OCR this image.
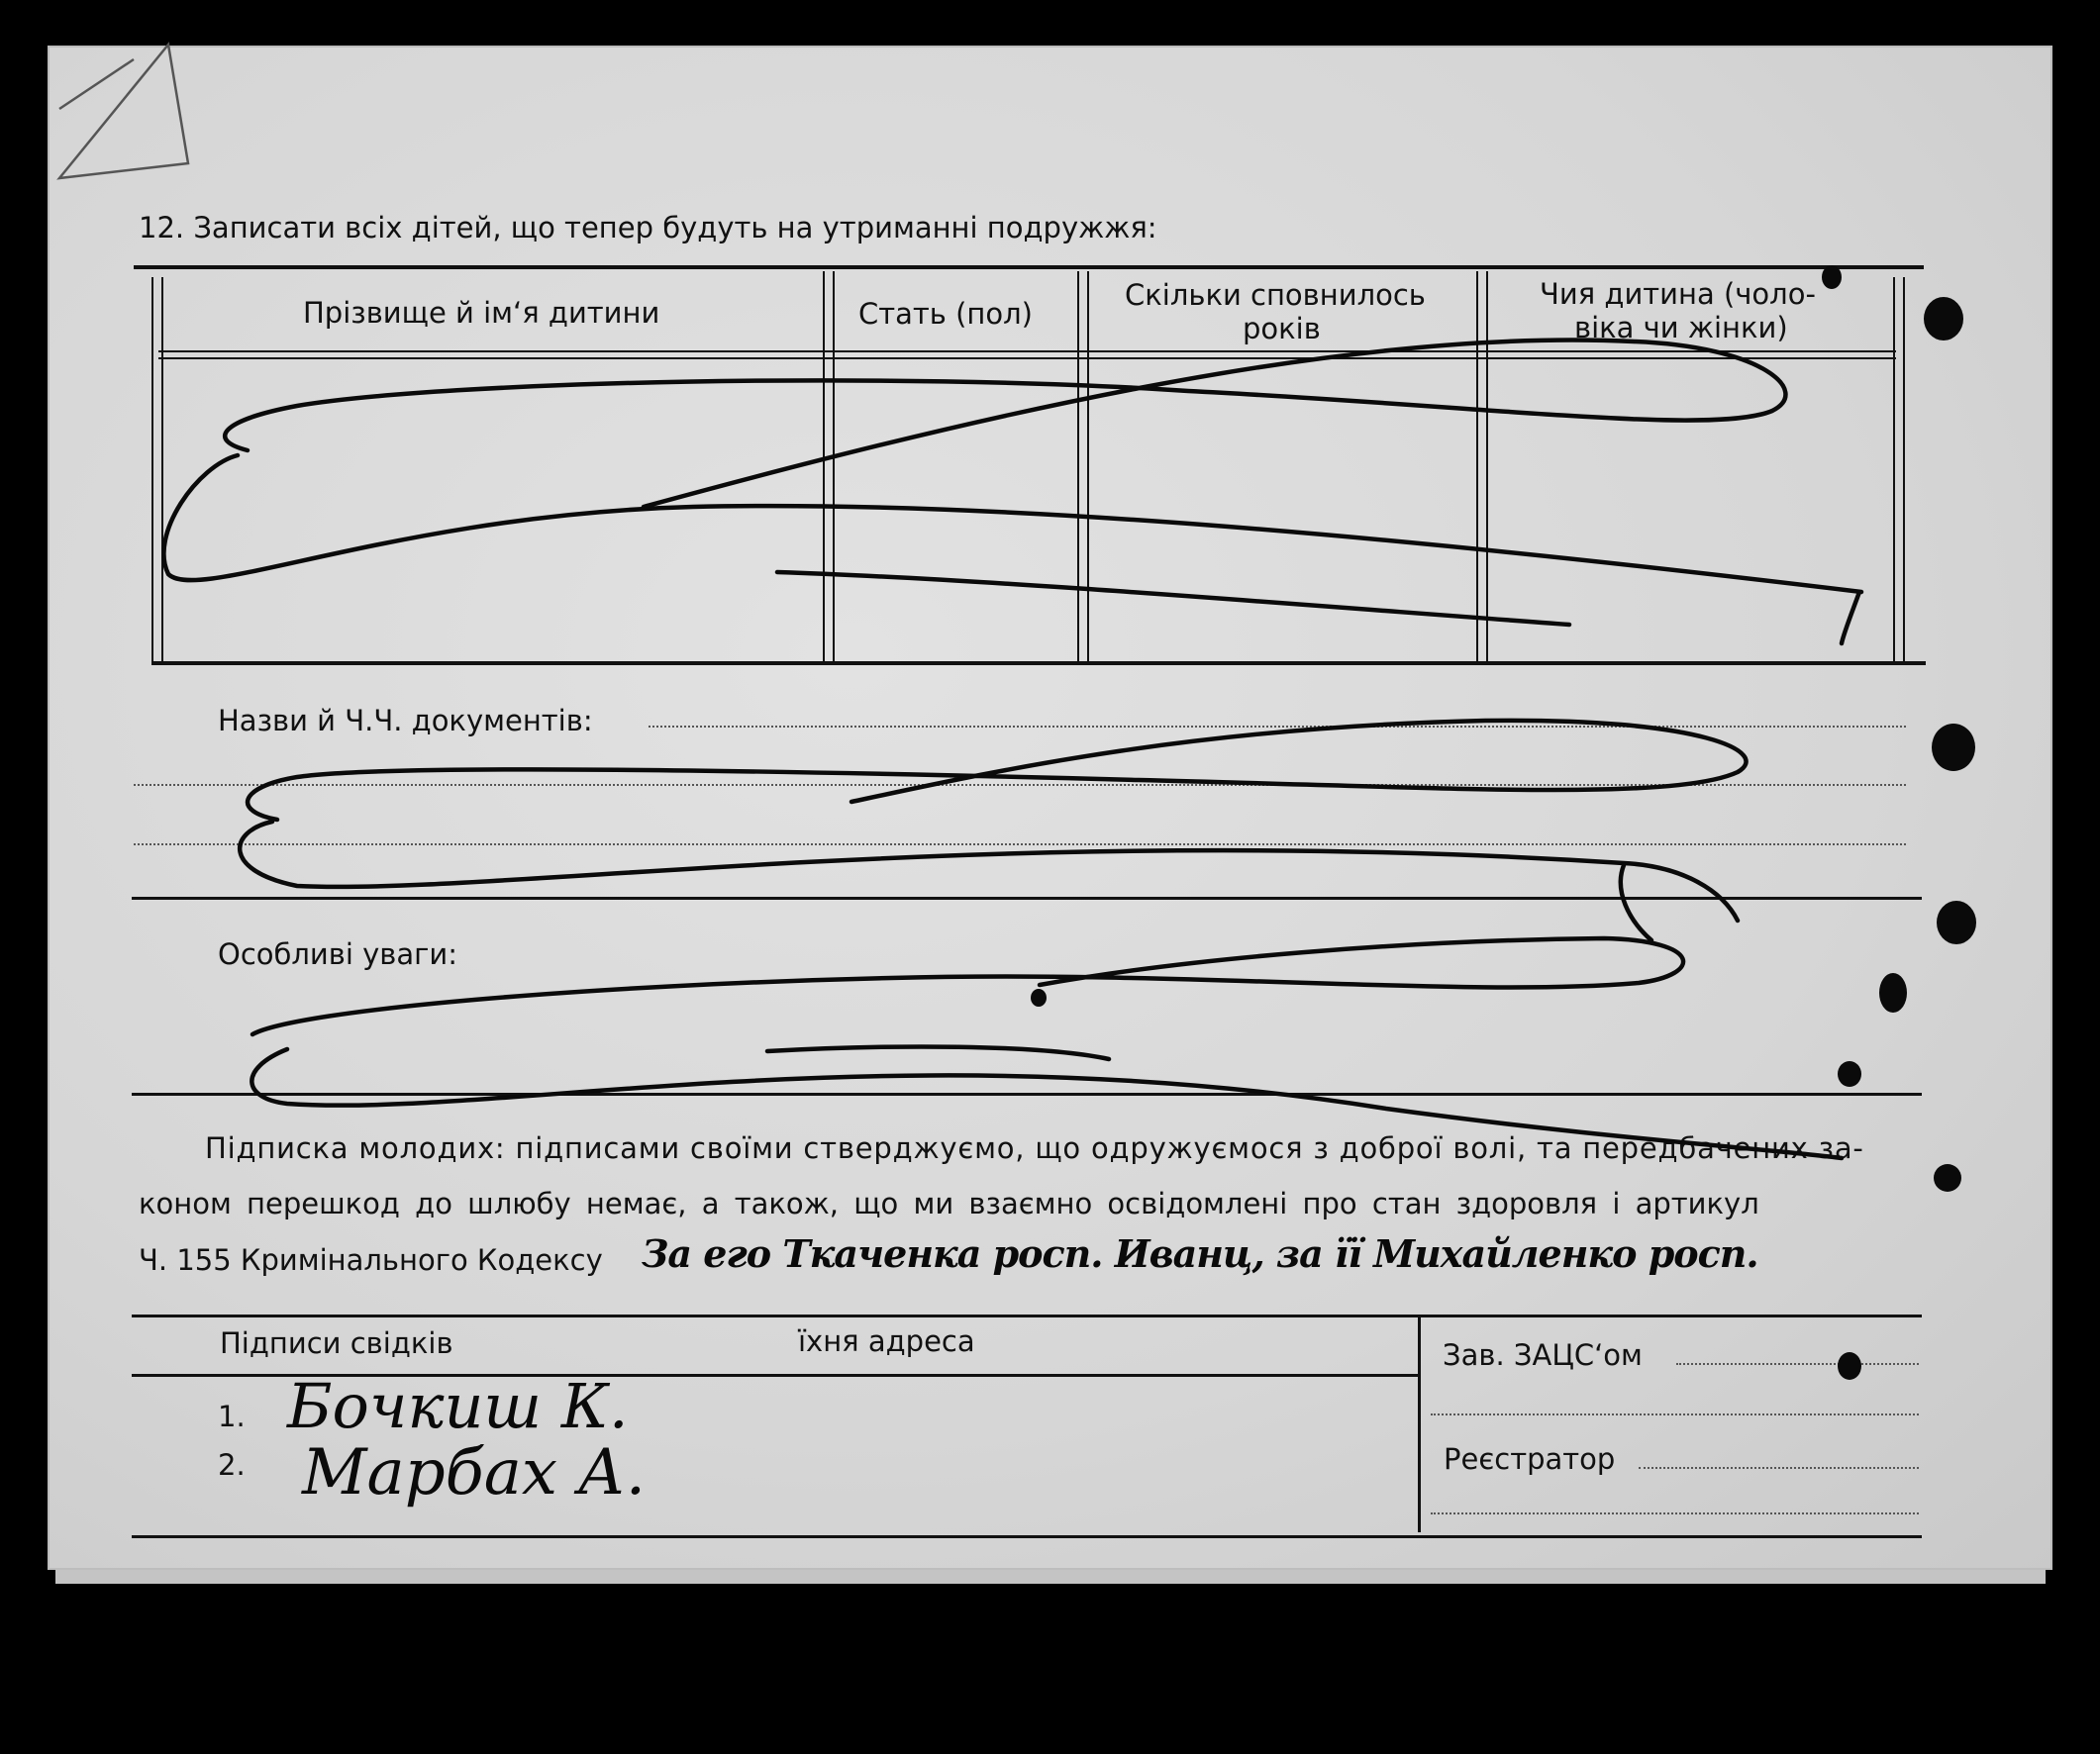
12. Записати всіх дітей, що тепер будуть на утриманні подружжя:
Прізвище й ім‘я дитини	Стать (пол)
Скільки сповнилось
років
Чия дитина (чоло-
віка чи жінки)
Назви й Ч.Ч. документів:
Особливі уваги:
Підписка молодих: підписами своїми стверджуємо, що одружуємося з доброї волі, та передбачених за-
коном перешкод до шлюбу немає, а також, що ми взаємно освідомлені про стан здоровля і артикул
Ч. 155 Кримінального Кодексу За его Ткаченка росп. Иванц, за її Михайленко росп.
Підписи свідків	їхня адреса
1. Бочкиш К.
2. Марбах А.
Зав. ЗАЦС‘ом
Реєстратор
